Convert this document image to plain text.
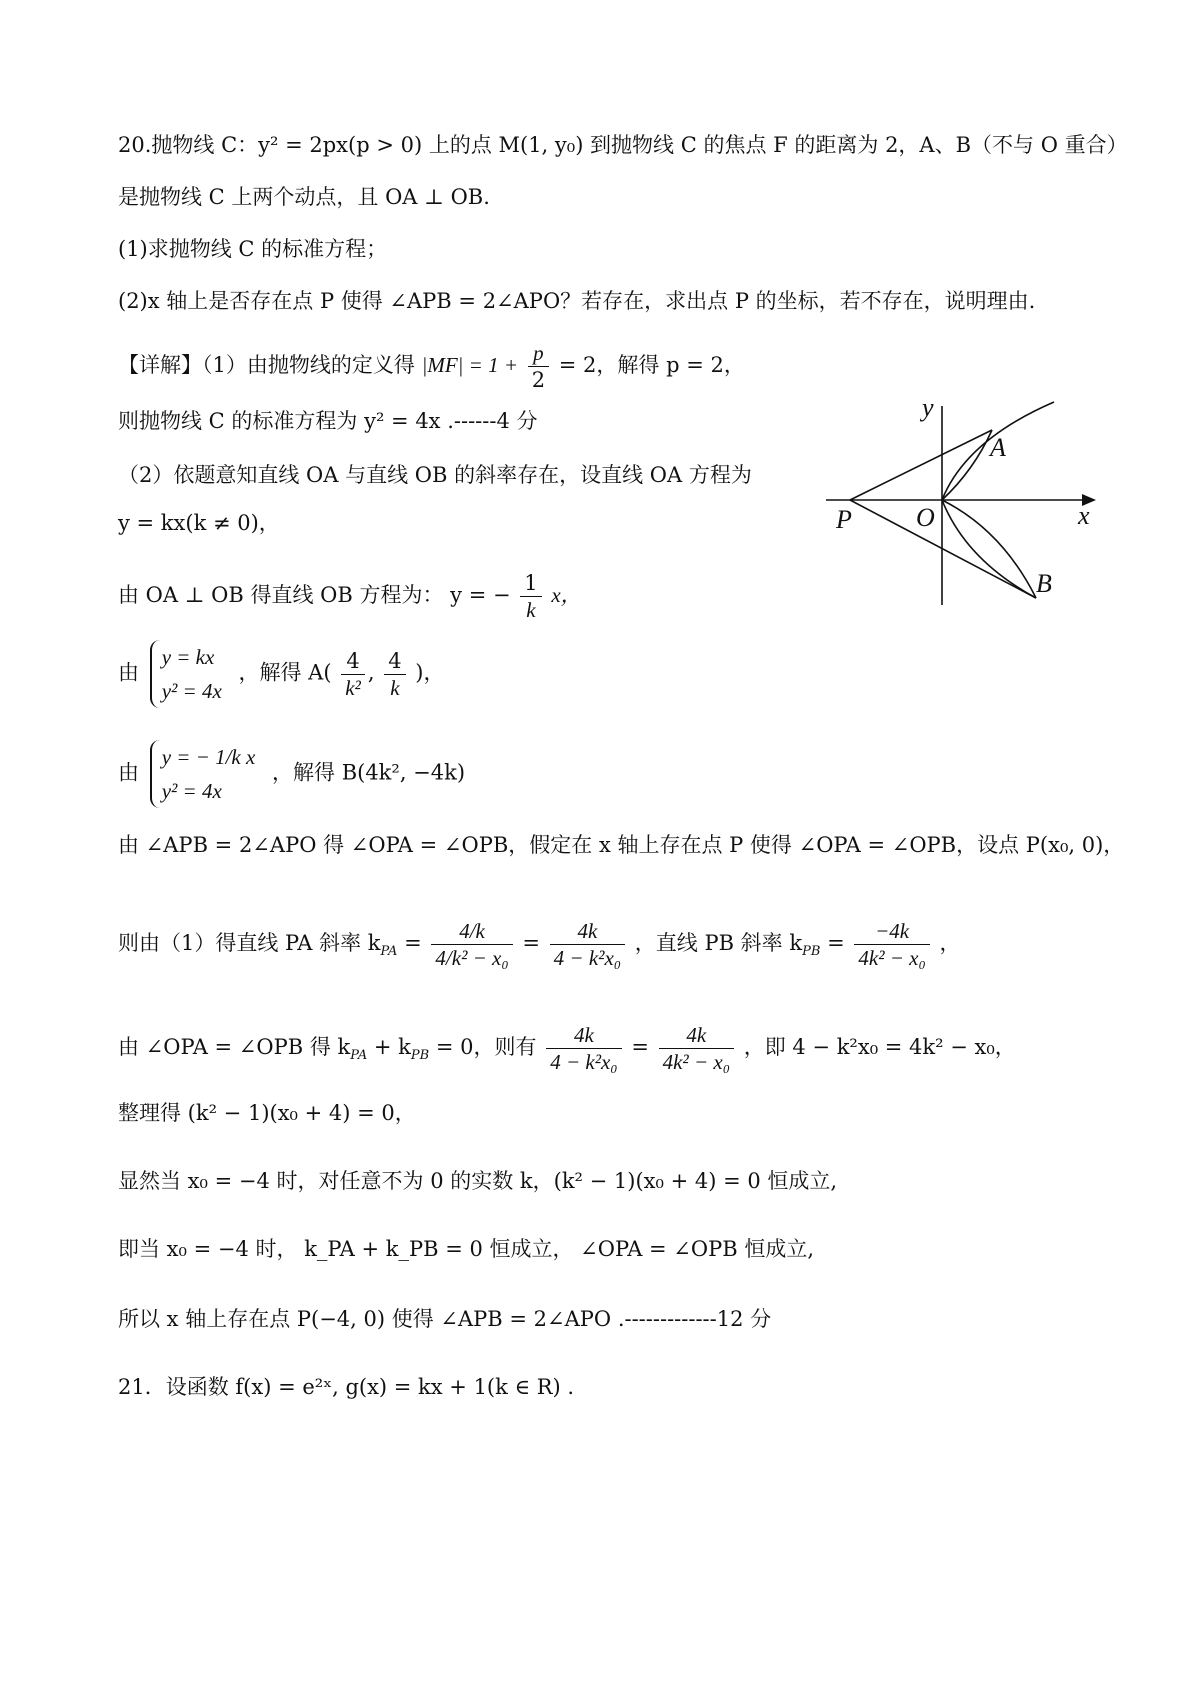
20.抛物线 C：y² = 2px(p > 0) 上的点 M(1, y₀) 到抛物线 C 的焦点 F 的距离为 2，A、B（不与 O 重合）
是抛物线 C 上两个动点，且 OA ⊥ OB.
(1)求抛物线 C 的标准方程；
(2)x 轴上是否存在点 P 使得 ∠APB = 2∠APO？若存在，求出点 P 的坐标，若不存在，说明理由.
【详解】（1）由抛物线的定义得 $|MF| = 1 + \frac{p}{2} = 2$，解得 p = 2，
则抛物线 C 的标准方程为 y² = 4x .------4 分
（2）依题意知直线 OA 与直线 OB 的斜率存在，设直线 OA 方程为
y = kx(k ≠ 0)，
由 OA ⊥ OB 得直线 OB 方程为： y = − $\frac{1}{k}$ x，
由
y = kx
y² = 4x
，解得 $A( \frac{4}{\text{k²}}$ , $\frac{4}{k}$ )，
由
y = − 1/k x
y² = 4x
，解得 B(4k², −4k)
由 ∠APB = 2∠APO 得 ∠OPA = ∠OPB，假定在 x 轴上存在点 P 使得 ∠OPA = ∠OPB，设点 P(x₀, 0)，
则由（1）得直线 PA 斜率 $k_{PA} = \frac{4/k}{\text{4/k² − x₀}} = \frac{4k}{\text{4 − k²x₀}}$ ，直线 PB 斜率 $k_{PB} = \frac{-4k}{\text{4k² − x₀}}$ ，
由 ∠OPA = ∠OPB 得 $k_{PA} + k_{PB} = 0$，则有 $\frac{4k}{\text{4 − k²x₀}} = \frac{4k}{\text{4k² − x₀}}$ ，即 4 − k²x₀ = 4k² − x₀，
整理得 (k² − 1)(x₀ + 4) = 0，
显然当 x₀ = −4 时，对任意不为 0 的实数 k，(k² − 1)(x₀ + 4) = 0 恒成立,
即当 x₀ = −4 时， k_PA + k_PB = 0 恒成立， ∠OPA = ∠OPB 恒成立,
所以 x 轴上存在点 P(−4, 0) 使得 ∠APB = 2∠APO .-------------12 分
21．设函数 f(x) = e²ˣ, g(x) = kx + 1(k ∈ R) .
y
x
O
P
A
B
